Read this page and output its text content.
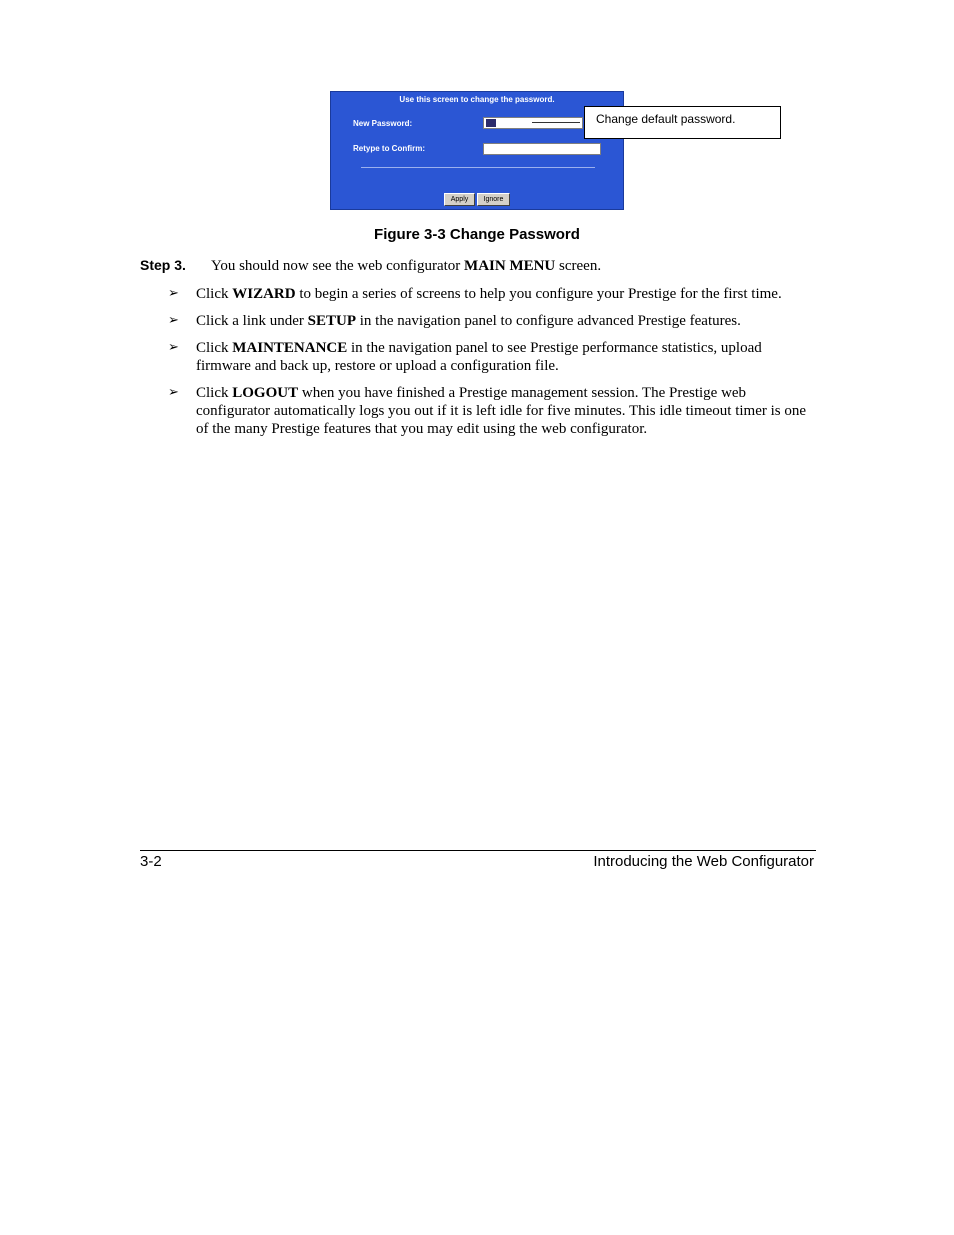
Use this screen to change the password.
New Password:
Retype to Confirm:
Apply	Ignore
Change default password.
Figure 3-3 Change Password
Step 3. You should now see the web configurator MAIN MENU screen.
➢ Click WIZARD to begin a series of screens to help you configure your Prestige for the first time.
➢ Click a link under SETUP in the navigation panel to configure advanced Prestige features.
➢ Click MAINTENANCE in the navigation panel to see Prestige performance statistics, upload firmware and back up, restore or upload a configuration file.
➢ Click LOGOUT when you have finished a Prestige management session. The Prestige web configurator automatically logs you out if it is left idle for five minutes. This idle timeout timer is one of the many Prestige features that you may edit using the web configurator.
3-2	Introducing the Web Configurator
